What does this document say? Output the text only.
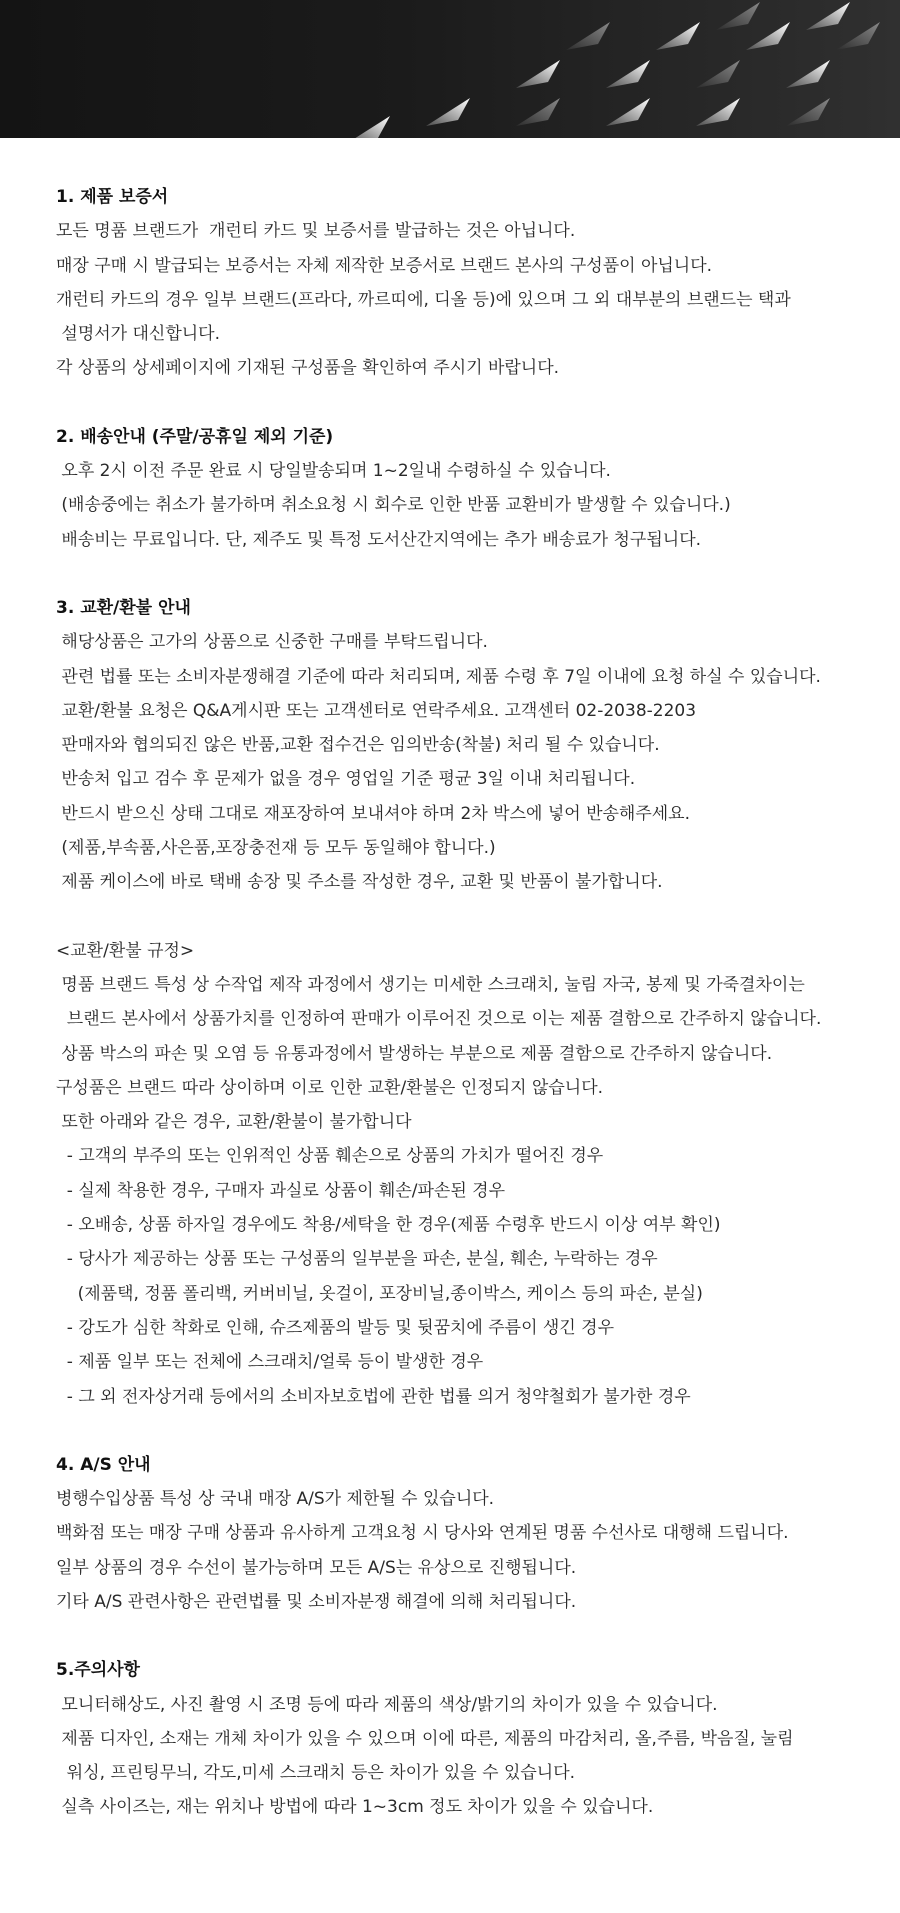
1. 제품 보증서
모든 명품 브랜드가  개런티 카드 및 보증서를 발급하는 것은 아닙니다.
매장 구매 시 발급되는 보증서는 자체 제작한 보증서로 브랜드 본사의 구성품이 아닙니다.
개런티 카드의 경우 일부 브랜드(프라다, 까르띠에, 디올 등)에 있으며 그 외 대부분의 브랜드는 택과
설명서가 대신합니다.
각 상품의 상세페이지에 기재된 구성품을 확인하여 주시기 바랍니다.
2. 배송안내 (주말/공휴일 제외 기준)
오후 2시 이전 주문 완료 시 당일발송되며 1~2일내 수령하실 수 있습니다.
(배송중에는 취소가 불가하며 취소요청 시 회수로 인한 반품 교환비가 발생할 수 있습니다.)
배송비는 무료입니다. 단, 제주도 및 특정 도서산간지역에는 추가 배송료가 청구됩니다.
3. 교환/환불 안내
해당상품은 고가의 상품으로 신중한 구매를 부탁드립니다.
관련 법률 또는 소비자분쟁해결 기준에 따라 처리되며, 제품 수령 후 7일 이내에 요청 하실 수 있습니다.
교환/환불 요청은 Q&A게시판 또는 고객센터로 연락주세요. 고객센터 02-2038-2203
판매자와 협의되진 않은 반품,교환 접수건은 임의반송(착불) 처리 될 수 있습니다.
반송처 입고 검수 후 문제가 없을 경우 영업일 기준 평균 3일 이내 처리됩니다.
반드시 받으신 상태 그대로 재포장하여 보내셔야 하며 2차 박스에 넣어 반송해주세요.
(제품,부속품,사은품,포장충전재 등 모두 동일해야 합니다.)
제품 케이스에 바로 택배 송장 및 주소를 작성한 경우, 교환 및 반품이 불가합니다.
<교환/환불 규정>
명품 브랜드 특성 상 수작업 제작 과정에서 생기는 미세한 스크래치, 눌림 자국, 봉제 및 가죽결차이는
브랜드 본사에서 상품가치를 인정하여 판매가 이루어진 것으로 이는 제품 결함으로 간주하지 않습니다.
상품 박스의 파손 및 오염 등 유통과정에서 발생하는 부분으로 제품 결함으로 간주하지 않습니다.
구성품은 브랜드 따라 상이하며 이로 인한 교환/환불은 인정되지 않습니다.
또한 아래와 같은 경우, 교환/환불이 불가합니다
- 고객의 부주의 또는 인위적인 상품 훼손으로 상품의 가치가 떨어진 경우
- 실제 착용한 경우, 구매자 과실로 상품이 훼손/파손된 경우
- 오배송, 상품 하자일 경우에도 착용/세탁을 한 경우(제품 수령후 반드시 이상 여부 확인)
- 당사가 제공하는 상품 또는 구성품의 일부분을 파손, 분실, 훼손, 누락하는 경우
(제품택, 정품 폴리백, 커버비닐, 옷걸이, 포장비닐,종이박스, 케이스 등의 파손, 분실)
- 강도가 심한 착화로 인해, 슈즈제품의 발등 및 뒷꿈치에 주름이 생긴 경우
- 제품 일부 또는 전체에 스크래치/얼룩 등이 발생한 경우
- 그 외 전자상거래 등에서의 소비자보호법에 관한 법률 의거 청약철회가 불가한 경우
4. A/S 안내
병행수입상품 특성 상 국내 매장 A/S가 제한될 수 있습니다.
백화점 또는 매장 구매 상품과 유사하게 고객요청 시 당사와 연계된 명품 수선사로 대행해 드립니다.
일부 상품의 경우 수선이 불가능하며 모든 A/S는 유상으로 진행됩니다.
기타 A/S 관련사항은 관련법률 및 소비자분쟁 해결에 의해 처리됩니다.
5.주의사항
모니터해상도, 사진 촬영 시 조명 등에 따라 제품의 색상/밝기의 차이가 있을 수 있습니다.
제품 디자인, 소재는 개체 차이가 있을 수 있으며 이에 따른, 제품의 마감처리, 올,주름, 박음질, 눌림
워싱, 프린팅무늬, 각도,미세 스크래치 등은 차이가 있을 수 있습니다.
실측 사이즈는, 재는 위치나 방법에 따라 1~3cm 정도 차이가 있을 수 있습니다.
